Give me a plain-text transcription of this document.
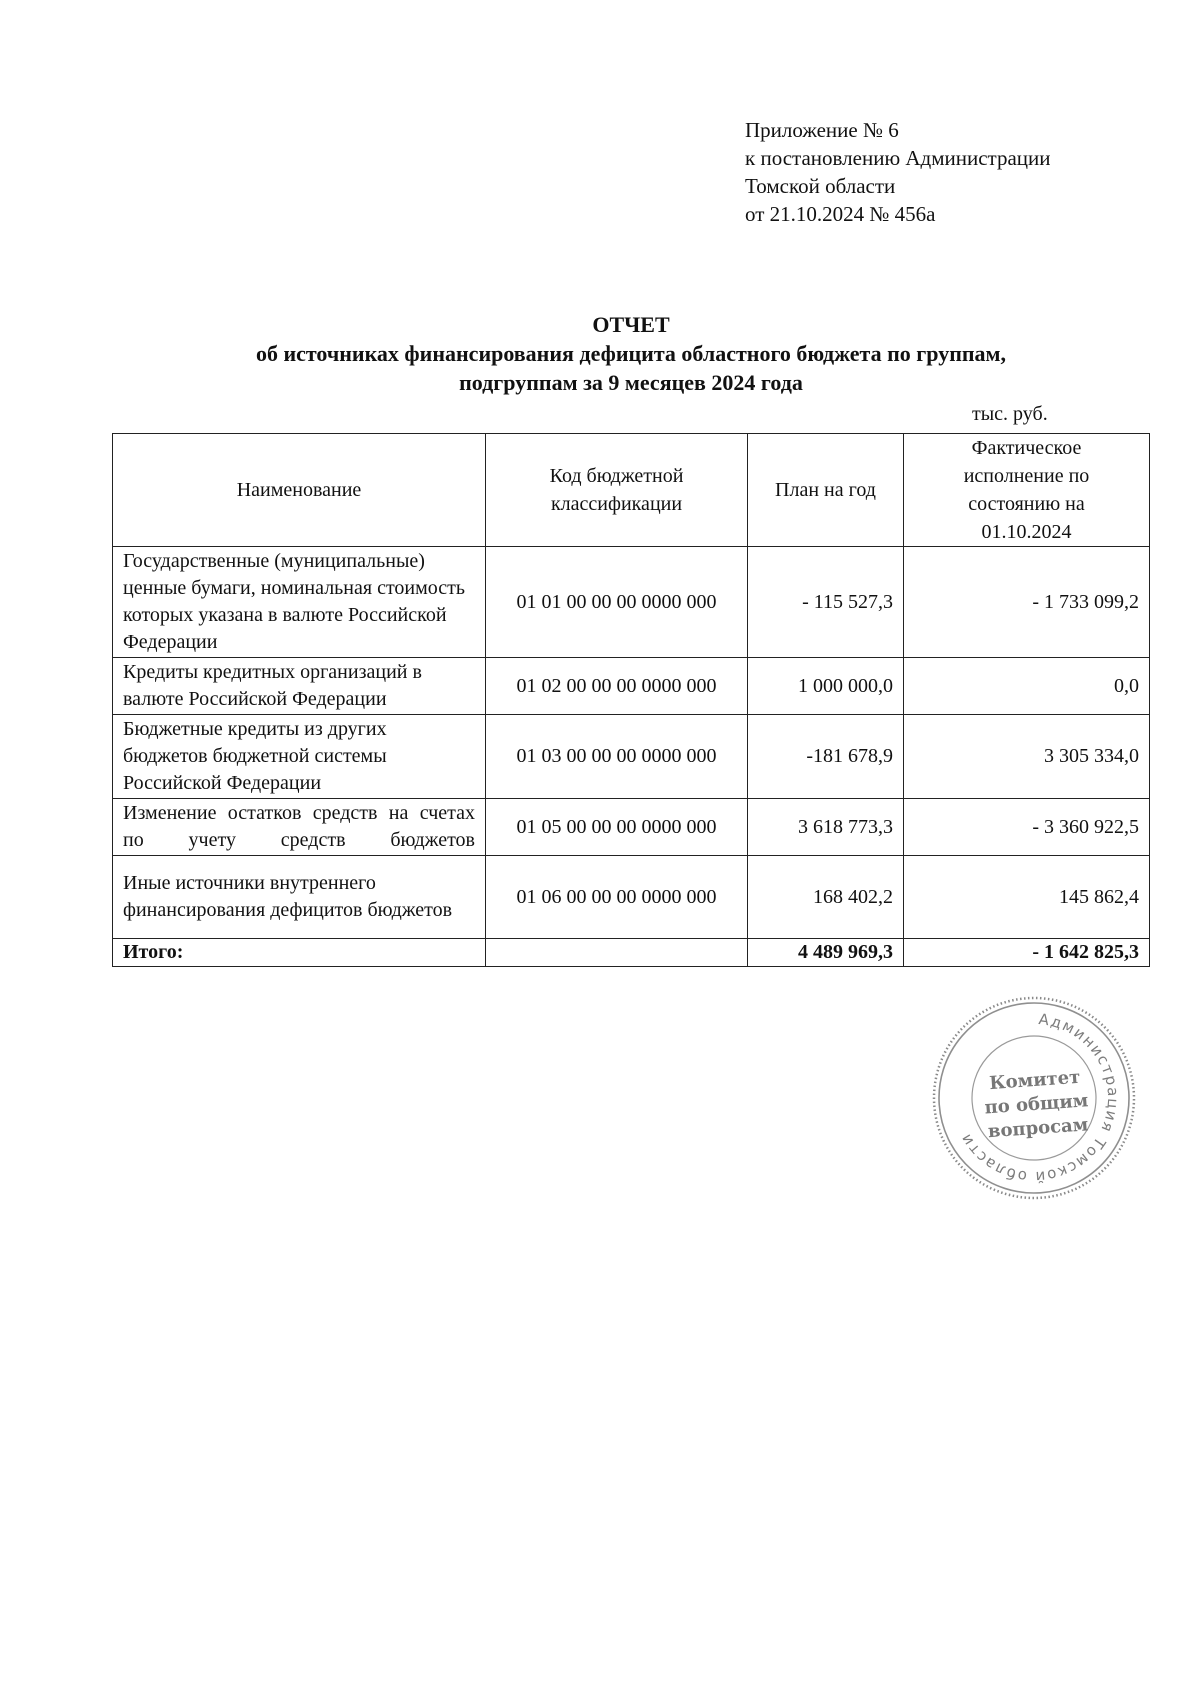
Приложение № 6
к постановлению Администрации
Томской области
от 21.10.2024 № 456а
ОТЧЕТ
об источниках финансирования дефицита областного бюджета по группам,
подгруппам за 9 месяцев 2024 года
тыс. руб.
Наименование	Код бюджетной классификации	План на год	Фактическое исполнение по состоянию на 01.10.2024
Государственные (муниципальные) ценные бумаги, номинальная стоимость которых указана в валюте Российской Федерации	01 01 00 00 00 0000 000	- 115 527,3	- 1 733 099,2
Кредиты кредитных организаций в валюте Российской Федерации	01 02 00 00 00 0000 000	1 000 000,0	0,0
Бюджетные кредиты из других бюджетов бюджетной системы Российской Федерации	01 03 00 00 00 0000 000	-181 678,9	3 305 334,0
Изменение остатков средств на счетах по учету средств бюджетов	01 05 00 00 00 0000 000	3 618 773,3	- 3 360 922,5
Иные источники внутреннего финансирования дефицитов бюджетов	01 06 00 00 00 0000 000	168 402,2	145 862,4
Итого:		4 489 969,3	- 1 642 825,3
Администрация Томской области
Комитет
по общим
вопросам
